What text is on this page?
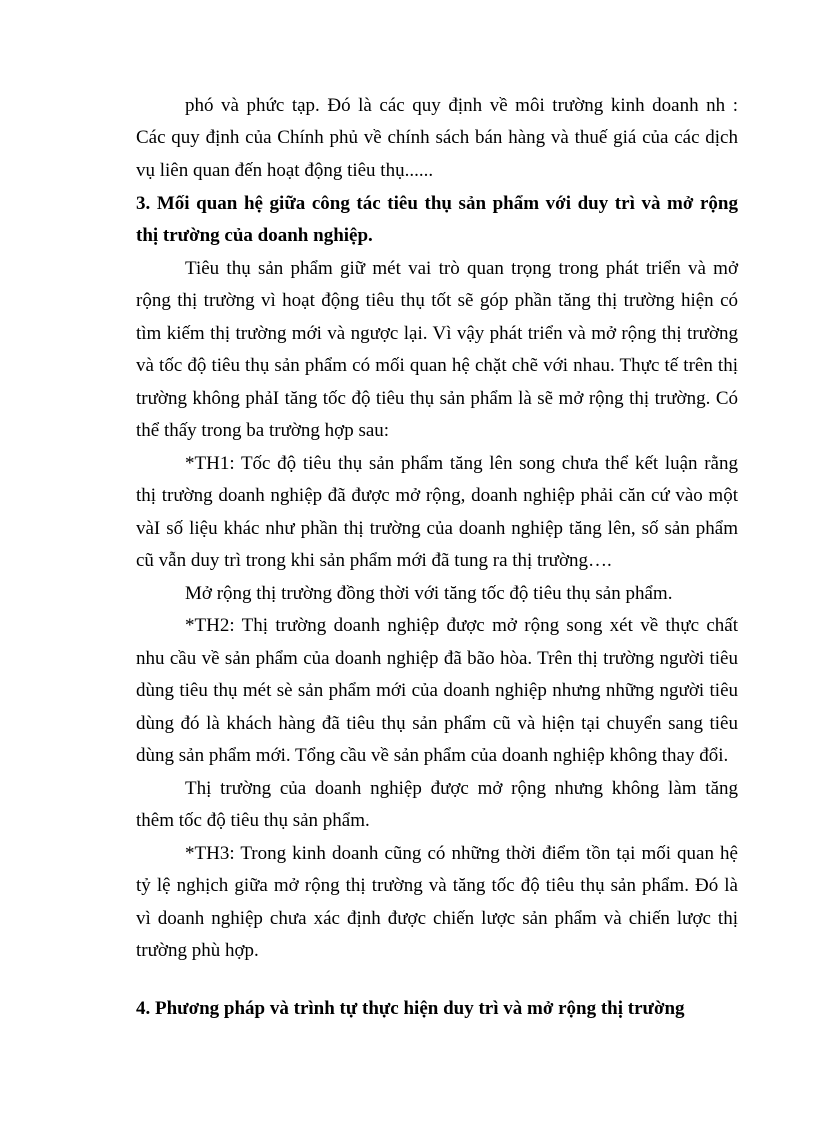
phó và phức tạp. Đó là các quy định về môi trường kinh doanh nh :
Các quy định của Chính phủ về chính sách bán hàng và thuế giá của các dịch
vụ liên quan đến hoạt động tiêu thụ......
3. Mối quan hệ giữa công tác tiêu thụ sản phẩm với duy trì và mở rộng
thị trường của doanh nghiệp.
Tiêu thụ sản phẩm giữ mét vai trò quan trọng trong phát triển và mở
rộng thị trường vì hoạt động tiêu thụ tốt sẽ góp phần tăng thị trường hiện có
tìm kiếm thị trường mới và ngược lại. Vì vậy phát triển và mở rộng thị trường
và tốc độ tiêu thụ sản phẩm có mối quan hệ chặt chẽ với nhau. Thực tế trên thị
trường không phảI tăng tốc độ tiêu thụ sản phẩm là sẽ mở rộng thị trường. Có
thể thấy trong ba trường hợp sau:
*TH1: Tốc độ tiêu thụ sản phẩm tăng lên song chưa thể kết luận rằng
thị trường doanh nghiệp đã được mở rộng, doanh nghiệp phải căn cứ vào một
vàI số liệu khác như phần thị trường của doanh nghiệp tăng lên, số sản phẩm
cũ vẫn duy trì trong khi sản phẩm mới đã tung ra thị trường….
Mở rộng thị trường đồng thời với tăng tốc độ tiêu thụ sản phẩm.
*TH2: Thị trường doanh nghiệp được mở rộng song xét về thực chất
nhu cầu về sản phẩm của doanh nghiệp đã bão hòa. Trên thị trường người tiêu
dùng tiêu thụ mét sè sản phẩm mới của doanh nghiệp nhưng những người tiêu
dùng đó là khách hàng đã tiêu thụ sản phẩm cũ và hiện tại chuyển sang tiêu
dùng sản phẩm mới. Tổng cầu về sản phẩm của doanh nghiệp không thay đổi.
Thị trường của doanh nghiệp được mở rộng nhưng không làm tăng
thêm tốc độ tiêu thụ sản phẩm.
*TH3: Trong kinh doanh cũng có những thời điểm tồn tại mối quan hệ
tỷ lệ nghịch giữa mở rộng thị trường và tăng tốc độ tiêu thụ sản phẩm. Đó là
vì doanh nghiệp chưa xác định được chiến lược sản phẩm và chiến lược thị
trường phù hợp.
4. Phương pháp và trình tự thực hiện duy trì và mở rộng thị trường
